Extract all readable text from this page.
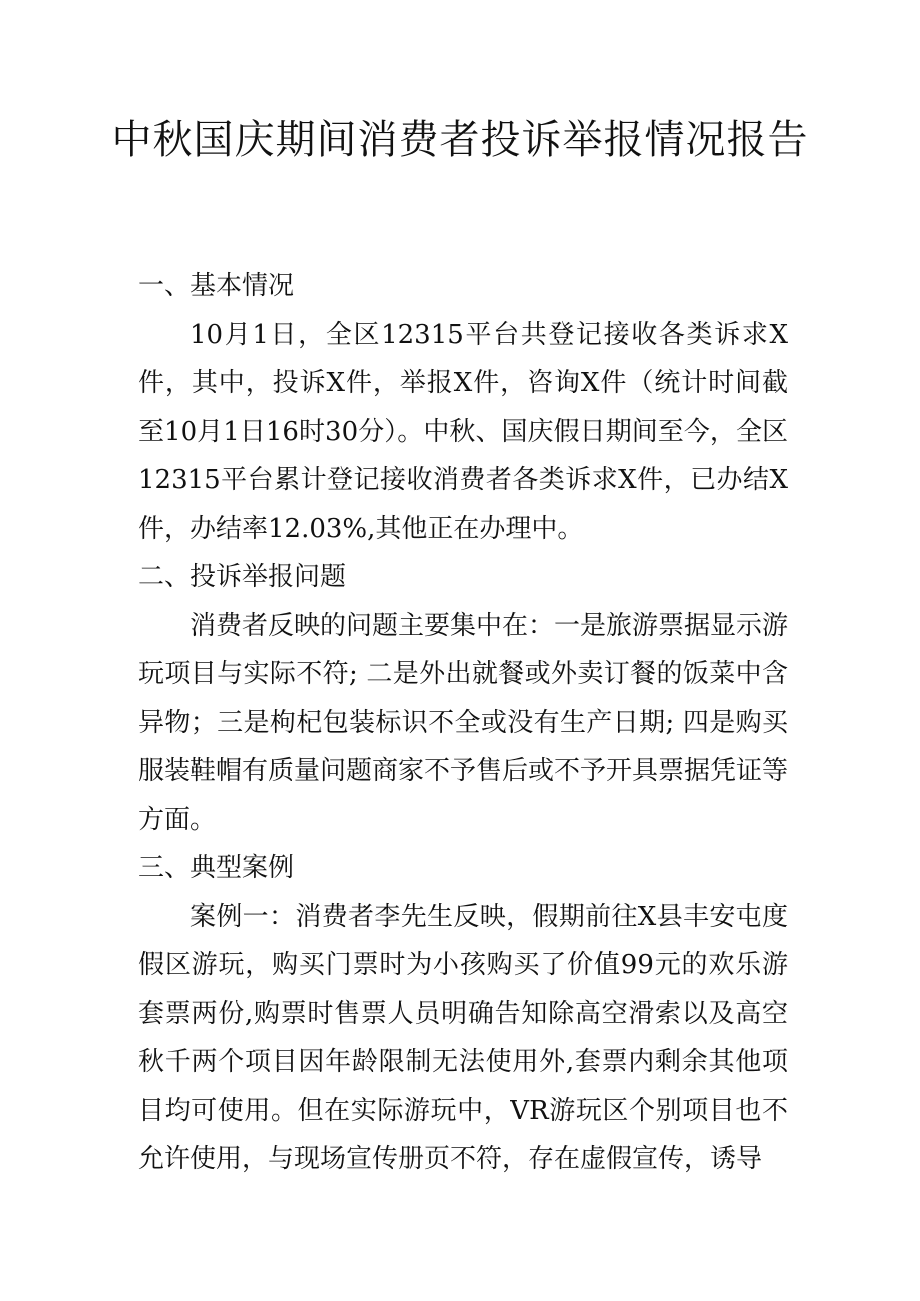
中秋国庆期间消费者投诉举报情况报告
一、基本情况

10月1日，全区12315平台共登记接收各类诉求X件，其中，投诉X件，举报X件，咨询X件（统计时间截至10月1日16时30分）。中秋、国庆假日期间至今，全区12315平台累计登记接收消费者各类诉求X件，已办结X件，办结率12.03%,其他正在办理中。

二、投诉举报问题

消费者反映的问题主要集中在：一是旅游票据显示游玩项目与实际不符; 二是外出就餐或外卖订餐的饭菜中含异物；三是枸杞包装标识不全或没有生产日期; 四是购买服装鞋帽有质量问题商家不予售后或不予开具票据凭证等方面。

三、典型案例

案例一：消费者李先生反映，假期前往X县丰安屯度假区游玩，购买门票时为小孩购买了价值99元的欢乐游套票两份,购票时售票人员明确告知除高空滑索以及高空秋千两个项目因年龄限制无法使用外,套票内剩余其他项目均可使用。但在实际游玩中，VR游玩区个别项目也不允许使用，与现场宣传册页不符，存在虚假宣传，诱导
